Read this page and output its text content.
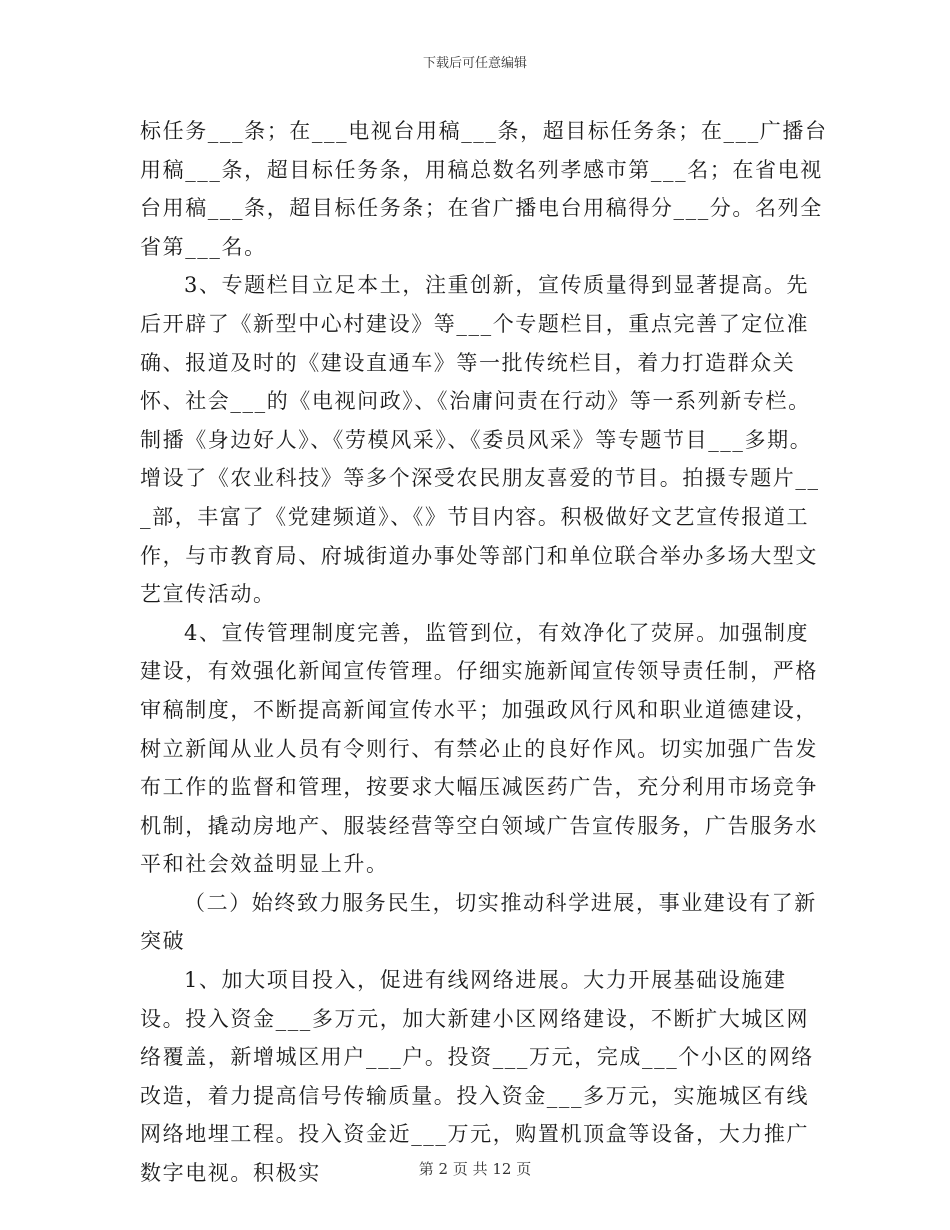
下载后可任意编辑

标任务___条；在___电视台用稿___条，超目标任务条；在___广播台用稿___条，超目标任务条，用稿总数名列孝感市第___名；在省电视台用稿___条，超目标任务条；在省广播电台用稿得分___分。名列全省第___名。

3、专题栏目立足本土，注重创新，宣传质量得到显著提高。先后开辟了《新型中心村建设》等___个专题栏目，重点完善了定位准确、报道及时的《建设直通车》等一批传统栏目，着力打造群众关怀、社会___的《电视问政》、《治庸问责在行动》等一系列新专栏。制播《身边好人》、《劳模风采》、《委员风采》等专题节目___多期。增设了《农业科技》等多个深受农民朋友喜爱的节目。拍摄专题片___部，丰富了《党建频道》、《》节目内容。积极做好文艺宣传报道工作，与市教育局、府城街道办事处等部门和单位联合举办多场大型文艺宣传活动。

4、宣传管理制度完善，监管到位，有效净化了荧屏。加强制度建设，有效强化新闻宣传管理。仔细实施新闻宣传领导责任制，严格审稿制度，不断提高新闻宣传水平；加强政风行风和职业道德建设，树立新闻从业人员有令则行、有禁必止的良好作风。切实加强广告发布工作的监督和管理，按要求大幅压减医药广告，充分利用市场竞争机制，撬动房地产、服装经营等空白领域广告宣传服务，广告服务水平和社会效益明显上升。

（二）始终致力服务民生，切实推动科学进展，事业建设有了新突破

1、加大项目投入，促进有线网络进展。大力开展基础设施建设。投入资金___多万元，加大新建小区网络建设，不断扩大城区网络覆盖，新增城区用户___户。投资___万元，完成___个小区的网络改造，着力提高信号传输质量。投入资金___多万元，实施城区有线网络地埋工程。投入资金近___万元，购置机顶盒等设备，大力推广数字电视。积极实	第 2 页 共 12 页
